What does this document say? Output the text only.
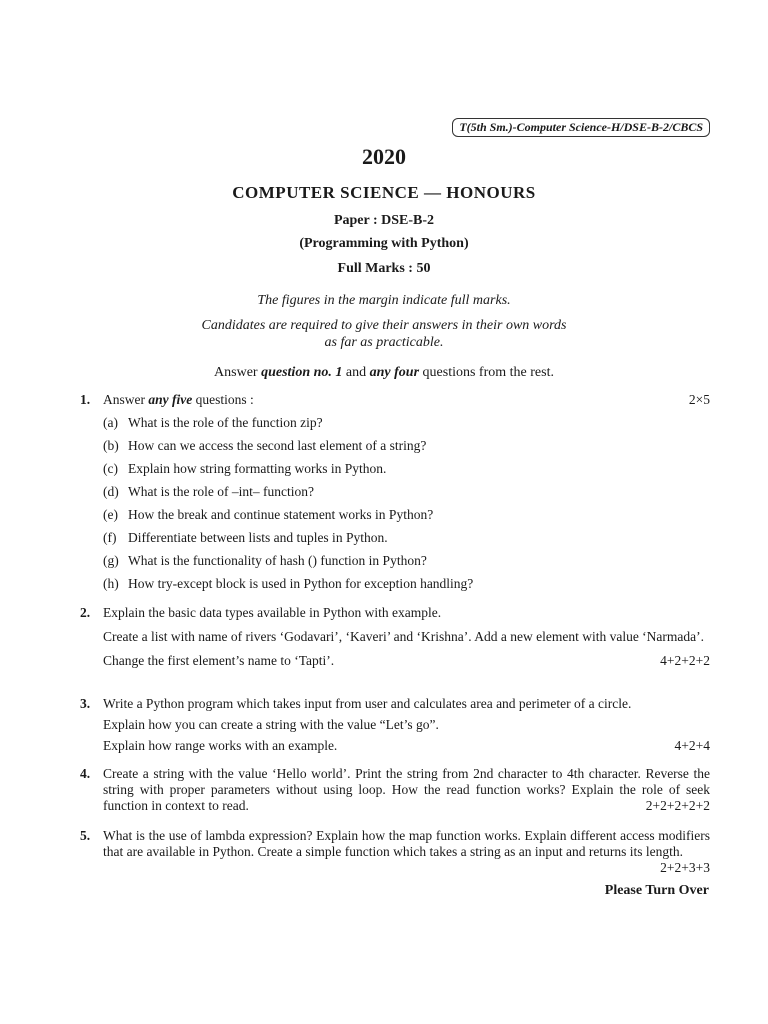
T(5th Sm.)-Computer Science-H/DSE-B-2/CBCS
2020
COMPUTER SCIENCE — HONOURS
Paper : DSE-B-2
(Programming with Python)
Full Marks : 50
The figures in the margin indicate full marks.
Candidates are required to give their answers in their own words
as far as practicable.
Answer question no. 1 and any four questions from the rest.
1. Answer any five questions :	2×5
(a) What is the role of the function zip?
(b) How can we access the second last element of a string?
(c) Explain how string formatting works in Python.
(d) What is the role of –int– function?
(e) How the break and continue statement works in Python?
(f) Differentiate between lists and tuples in Python.
(g) What is the functionality of hash () function in Python?
(h) How try-except block is used in Python for exception handling?
2. Explain the basic data types available in Python with example.
Create a list with name of rivers ‘Godavari’, ‘Kaveri’ and ‘Krishna’. Add a new element with value ‘Narmada’.
Change the first element’s name to ‘Tapti’.	4+2+2+2
3. Write a Python program which takes input from user and calculates area and perimeter of a circle.
Explain how you can create a string with the value “Let’s go”.
Explain how range works with an example.	4+2+4
4. Create a string with the value ‘Hello world’. Print the string from 2nd character to 4th character. Reverse the string with proper parameters without using loop. How the read function works? Explain the role of seek function in context to read.	2+2+2+2+2
5. What is the use of lambda expression? Explain how the map function works. Explain different access modifiers that are available in Python. Create a simple function which takes a string as an input and returns its length.
2+2+3+3
Please Turn Over
